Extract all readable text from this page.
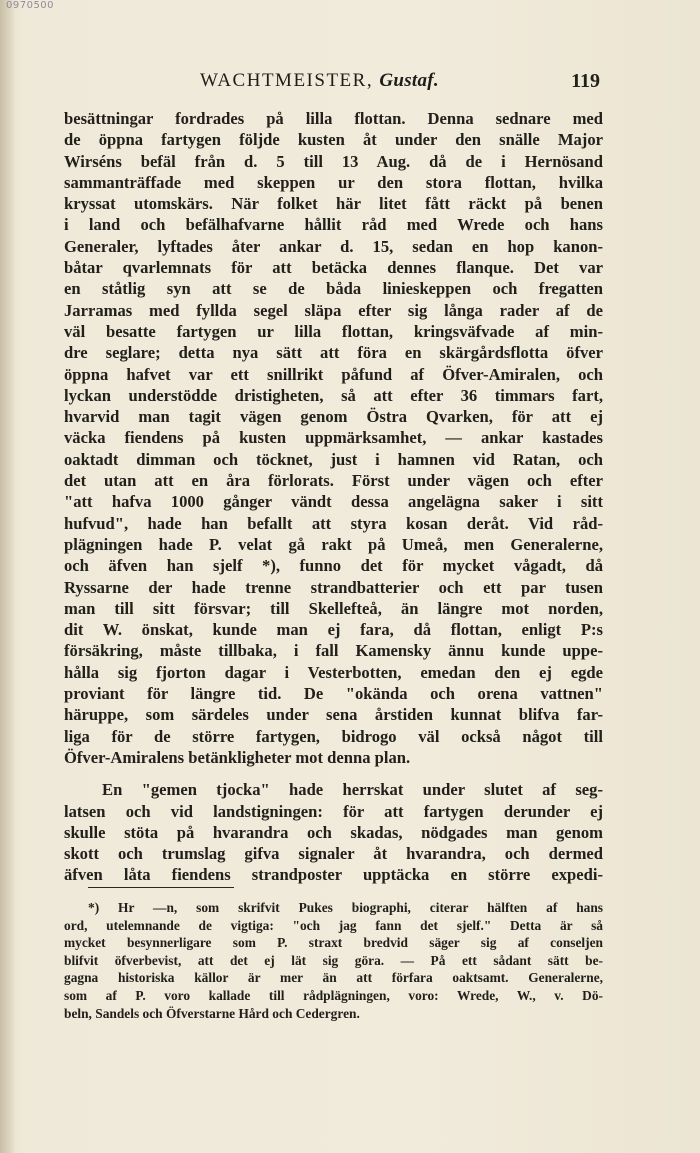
0970500
WACHTMEISTER, Gustaf.	119
besättningar fordrades på lilla flottan. Denna sednare med
de öppna fartygen följde kusten åt under den snälle Major
Wirséns befäl från d. 5 till 13 Aug. då de i Hernösand
sammanträffade med skeppen ur den stora flottan, hvilka
kryssat utomskärs. När folket här litet fått räckt på benen
i land och befälhafvarne hållit råd med Wrede och hans
Generaler, lyftades åter ankar d. 15, sedan en hop kanon-
båtar qvarlemnats för att betäcka dennes flanque. Det var
en ståtlig syn att se de båda linieskeppen och fregatten
Jarramas med fyllda segel släpa efter sig långa rader af de
väl besatte fartygen ur lilla flottan, kringsväfvade af min-
dre seglare; detta nya sätt att föra en skärgårdsflotta öfver
öppna hafvet var ett snillrikt påfund af Öfver-Amiralen, och
lyckan understödde dristigheten, så att efter 36 timmars fart,
hvarvid man tagit vägen genom Östra Qvarken, för att ej
väcka fiendens på kusten uppmärksamhet, — ankar kastades
oaktadt dimman och töcknet, just i hamnen vid Ratan, och
det utan att en åra förlorats. Först under vägen och efter
"att hafva 1000 gånger vändt dessa angelägna saker i sitt
hufvud", hade han befallt att styra kosan deråt. Vid råd-
plägningen hade P. velat gå rakt på Umeå, men Generalerne,
och äfven han sjelf *), funno det för mycket vågadt, då
Ryssarne der hade trenne strandbatterier och ett par tusen
man till sitt försvar; till Skellefteå, än längre mot norden,
dit W. önskat, kunde man ej fara, då flottan, enligt P:s
försäkring, måste tillbaka, i fall Kamensky ännu kunde uppe-
hålla sig fjorton dagar i Vesterbotten, emedan den ej egde
proviant för längre tid. De "okända och orena vattnen"
häruppe, som särdeles under sena årstiden kunnat blifva far-
liga för de större fartygen, bidrogo väl också något till
Öfver-Amiralens betänkligheter mot denna plan.
En "gemen tjocka" hade herrskat under slutet af seg-
latsen och vid landstigningen: för att fartygen derunder ej
skulle stöta på hvarandra och skadas, nödgades man genom
skott och trumslag gifva signaler åt hvarandra, och dermed
äfven låta fiendens strandposter upptäcka en större expedi-
*) Hr —n, som skrifvit Pukes biographi, citerar hälften af hans
ord, utelemnande de vigtiga: "och jag fann det sjelf." Detta är så
mycket besynnerligare som P. straxt bredvid säger sig af conseljen
blifvit öfverbevist, att det ej lät sig göra. — På ett sådant sätt be-
gagna historiska källor är mer än att förfara oaktsamt. Generalerne,
som af P. voro kallade till rådplägningen, voro: Wrede, W., v. Dö-
beln, Sandels och Öfverstarne Hård och Cedergren.
